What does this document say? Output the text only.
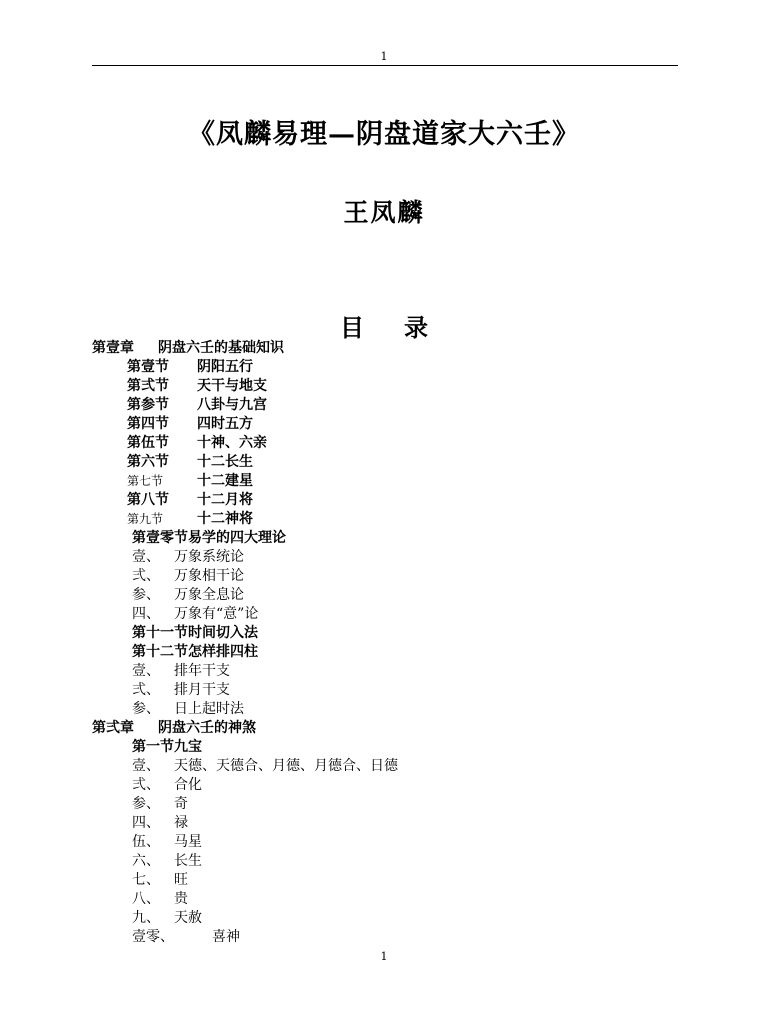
1
《凤麟易理—阴盘道家大六壬》
王凤麟
目 录
第壹章 阴盘六壬的基础知识
第壹节 阴阳五行
第弍节 天干与地支
第参节 八卦与九宫
第四节 四时五方
第伍节 十神、六亲
第六节 十二长生
第七节 十二建星
第八节 十二月将
第九节 十二神将
第壹零节易学的四大理论
壹、 万象系统论
弍、 万象相干论
参、 万象全息论
四、 万象有“意”论
第十一节时间切入法
第十二节怎样排四柱
壹、 排年干支
弍、 排月干支
参、 日上起时法
第弍章 阴盘六壬的神煞
第一节九宝
壹、 天德、天德合、月德、月德合、日德
弍、 合化
参、 奇
四、 禄
伍、 马星
六、 长生
七、 旺
八、 贵
九、 天赦
壹零、	喜神
1
